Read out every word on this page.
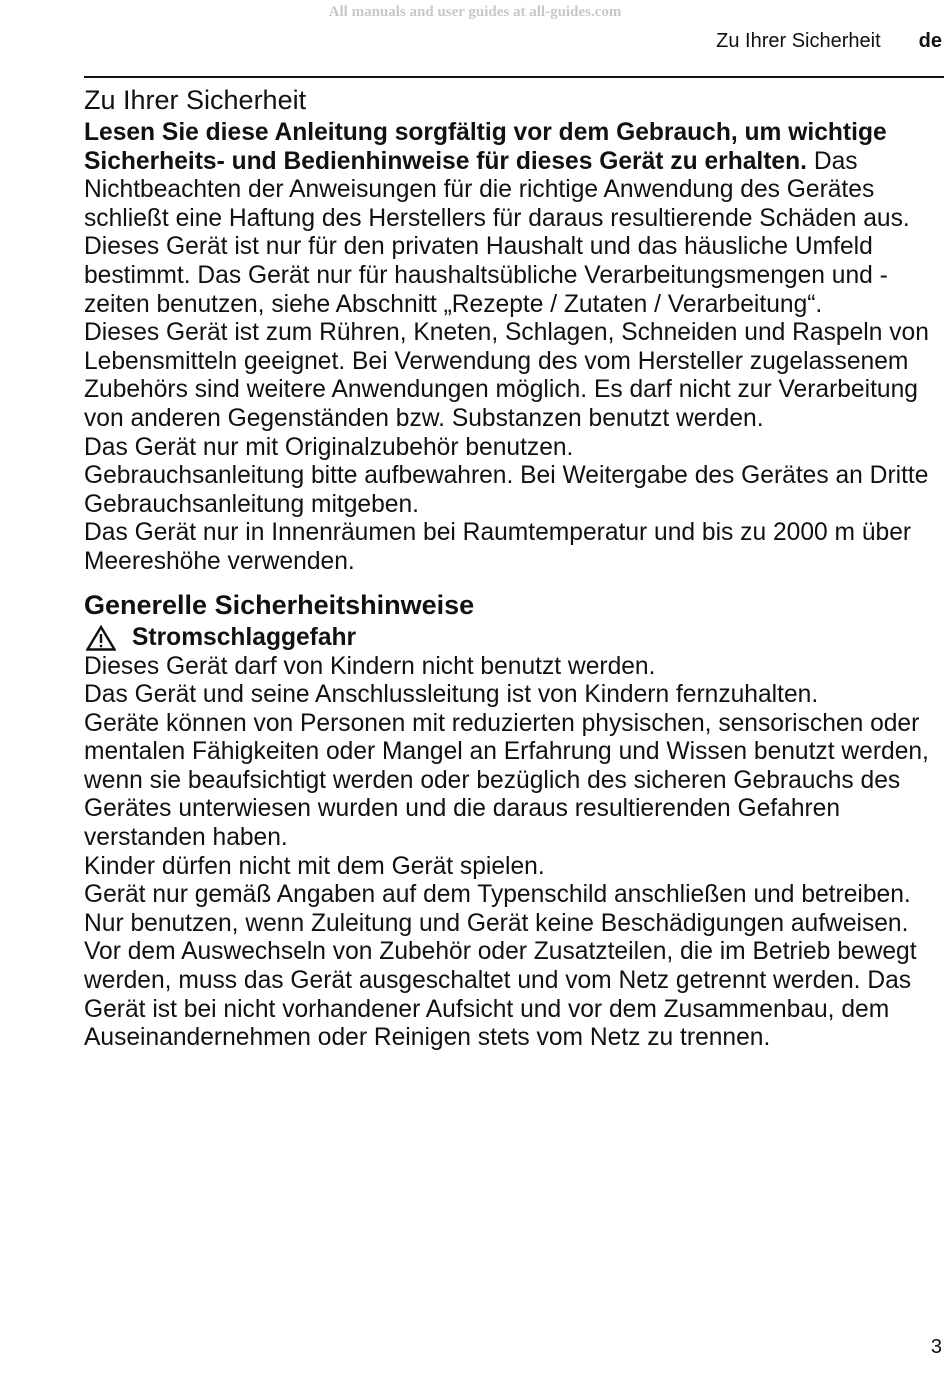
All manuals and user guides at all-guides.com
Zu Ihrer Sicherheit de
Zu Ihrer Sicherheit

Lesen Sie diese Anleitung sorgfältig vor dem Gebrauch, um wichtige Sicherheits- und Bedienhinweise für dieses Gerät zu erhalten. Das Nichtbeachten der Anweisungen für die richtige Anwendung des Gerätes schließt eine Haftung des Herstellers für daraus resultierende Schäden aus.

Dieses Gerät ist nur für den privaten Haushalt und das häusliche Umfeld bestimmt. Das Gerät nur für haushaltsübliche Verarbeitungsmengen und -zeiten benutzen, siehe Abschnitt „Rezepte / Zutaten / Verarbeitung“.

Dieses Gerät ist zum Rühren, Kneten, Schlagen, Schneiden und Raspeln von Lebensmitteln geeignet. Bei Verwendung des vom Hersteller zugelassenem Zubehörs sind weitere Anwendungen möglich. Es darf nicht zur Verarbeitung von anderen Gegenständen bzw. Substanzen benutzt werden.

Das Gerät nur mit Originalzubehör benutzen.

Gebrauchsanleitung bitte aufbewahren. Bei Weitergabe des Gerätes an Dritte Gebrauchsanleitung mitgeben.

Das Gerät nur in Innenräumen bei Raumtemperatur und bis zu 2000 m über Meereshöhe verwenden.

Generelle Sicherheitshinweise
Stromschlaggefahr

Dieses Gerät darf von Kindern nicht benutzt werden.

Das Gerät und seine Anschlussleitung ist von Kindern fernzuhalten.

Geräte können von Personen mit reduzierten physischen, sensorischen oder mentalen Fähigkeiten oder Mangel an Erfahrung und Wissen benutzt werden, wenn sie beaufsichtigt werden oder bezüglich des sicheren Gebrauchs des Gerätes unterwiesen wurden und die daraus resultierenden Gefahren verstanden haben.

Kinder dürfen nicht mit dem Gerät spielen.

Gerät nur gemäß Angaben auf dem Typenschild anschließen und betreiben. Nur benutzen, wenn Zuleitung und Gerät keine Beschädigungen aufweisen.

Vor dem Auswechseln von Zubehör oder Zusatzteilen, die im Betrieb bewegt werden, muss das Gerät ausgeschaltet und vom Netz getrennt werden. Das Gerät ist bei nicht vorhandener Aufsicht und vor dem Zusammenbau, dem Auseinandernehmen oder Reinigen stets vom Netz zu trennen.

3
